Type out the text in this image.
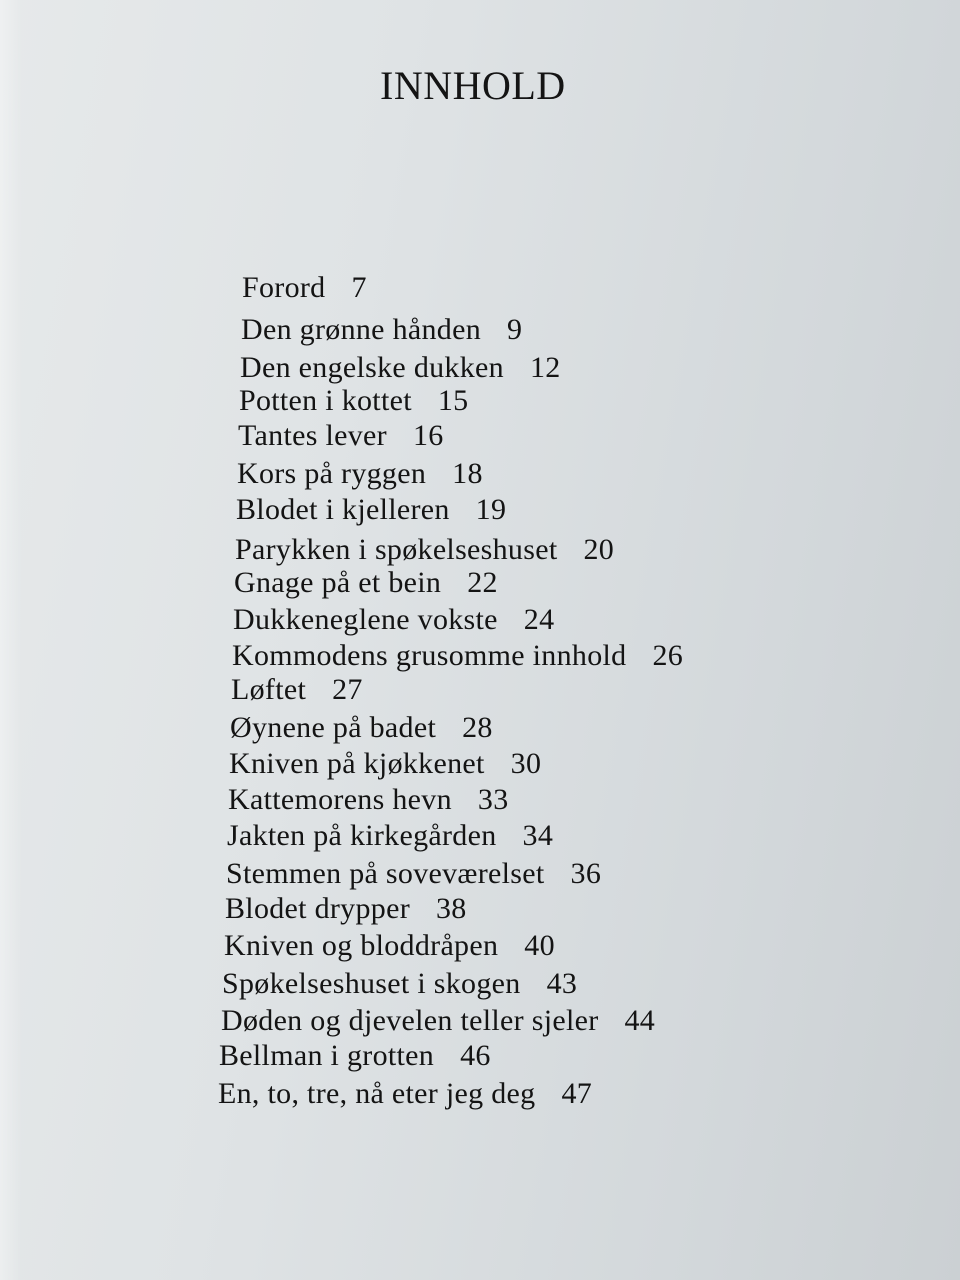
INNHOLD
Forord 7
Den grønne hånden 9
Den engelske dukken 12
Potten i kottet 15
Tantes lever 16
Kors på ryggen 18
Blodet i kjelleren 19
Parykken i spøkelseshuset 20
Gnage på et bein 22
Dukkeneglene vokste 24
Kommodens grusomme innhold 26
Løftet 27
Øynene på badet 28
Kniven på kjøkkenet 30
Kattemorens hevn 33
Jakten på kirkegården 34
Stemmen på soveværelset 36
Blodet drypper 38
Kniven og bloddråpen 40
Spøkelseshuset i skogen 43
Døden og djevelen teller sjeler 44
Bellman i grotten 46
En, to, tre, nå eter jeg deg 47
